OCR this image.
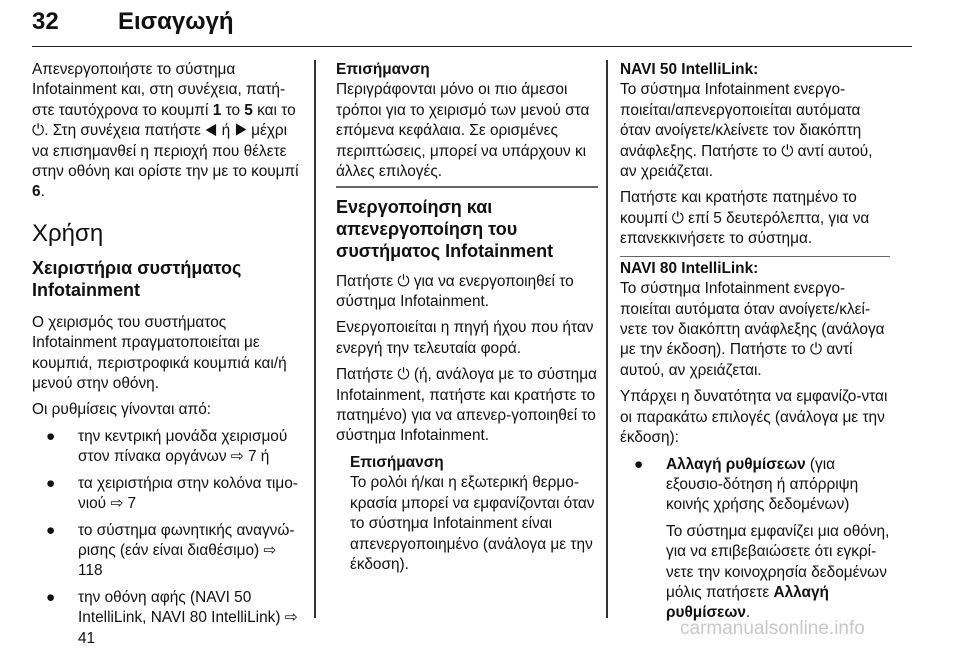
32 Εισαγωγή

Απενεργοποιήστε το σύστημα Infotainment και, στη συνέχεια, πατή-στε ταυτόχρονα το κουμπί 1 το 5 και το ⏻. Στη συνέχεια πατήστε ◀ ή ▶ μέχρι να επισημανθεί η περιοχή που θέλετε στην οθόνη και ορίστε την με το κουμπί 6.

Χρήση
Χειριστήρια συστήματος Infotainment

Ο χειρισμός του συστήματος Infotainment πραγματοποιείται με κουμπιά, περιστροφικά κουμπιά και/ή μενού στην οθόνη.

Οι ρυθμίσεις γίνονται από:

● την κεντρική μονάδα χειρισμού στον πίνακα οργάνων ⇨ 7 ή
● τα χειριστήρια στην κολόνα τιμο-νιού ⇨ 7
● το σύστημα φωνητικής αναγνώ-ρισης (εάν είναι διαθέσιμο) ⇨ 118
● την οθόνη αφής (NAVI 50 IntelliLink, NAVI 80 IntelliLink) ⇨ 41
Επισήμανση
Περιγράφονται μόνο οι πιο άμεσοι τρόποι για το χειρισμό των μενού στα επόμενα κεφάλαια. Σε ορισμένες περιπτώσεις, μπορεί να υπάρχουν κι άλλες επιλογές.
Ενεργοποίηση και απενεργοποίηση του συστήματος Infotainment

Πατήστε ⏻ για να ενεργοποιηθεί το σύστημα Infotainment.

Ενεργοποιείται η πηγή ήχου που ήταν ενεργή την τελευταία φορά.

Πατήστε ⏻ (ή, ανάλογα με το σύστημα Infotainment, πατήστε και κρατήστε το πατημένο) για να απενερ-γοποιηθεί το σύστημα Infotainment.

Επισήμανση
Το ρολόι ή/και η εξωτερική θερμο-κρασία μπορεί να εμφανίζονται όταν το σύστημα Infotainment είναι απενεργοποιημένο (ανάλογα με την έκδοση).
NAVI 50 IntelliLink:

Το σύστημα Infotainment ενεργο-ποιείται/απενεργοποιείται αυτόματα όταν ανοίγετε/κλείνετε τον διακόπτη ανάφλεξης. Πατήστε το ⏻ αντί αυτού, αν χρειάζεται.

Πατήστε και κρατήστε πατημένο το κουμπί ⏻ επί 5 δευτερόλεπτα, για να επανεκκινήσετε το σύστημα.

NAVI 80 IntelliLink:

Το σύστημα Infotainment ενεργο-ποιείται αυτόματα όταν ανοίγετε/κλεί-νετε τον διακόπτη ανάφλεξης (ανάλογα με την έκδοση). Πατήστε το ⏻ αντί αυτού, αν χρειάζεται.

Υπάρχει η δυνατότητα να εμφανίζο-νται οι παρακάτω επιλογές (ανάλογα με την έκδοση):

● Αλλαγή ρυθμίσεων (για εξουσιο-δότηση ή απόρριψη κοινής χρήσης δεδομένων)
Το σύστημα εμφανίζει μια οθόνη, για να επιβεβαιώσετε ότι εγκρί-νετε την κοινοχρησία δεδομένων μόλις πατήσετε Αλλαγή ρυθμίσεων.
carmanualsonline.info
